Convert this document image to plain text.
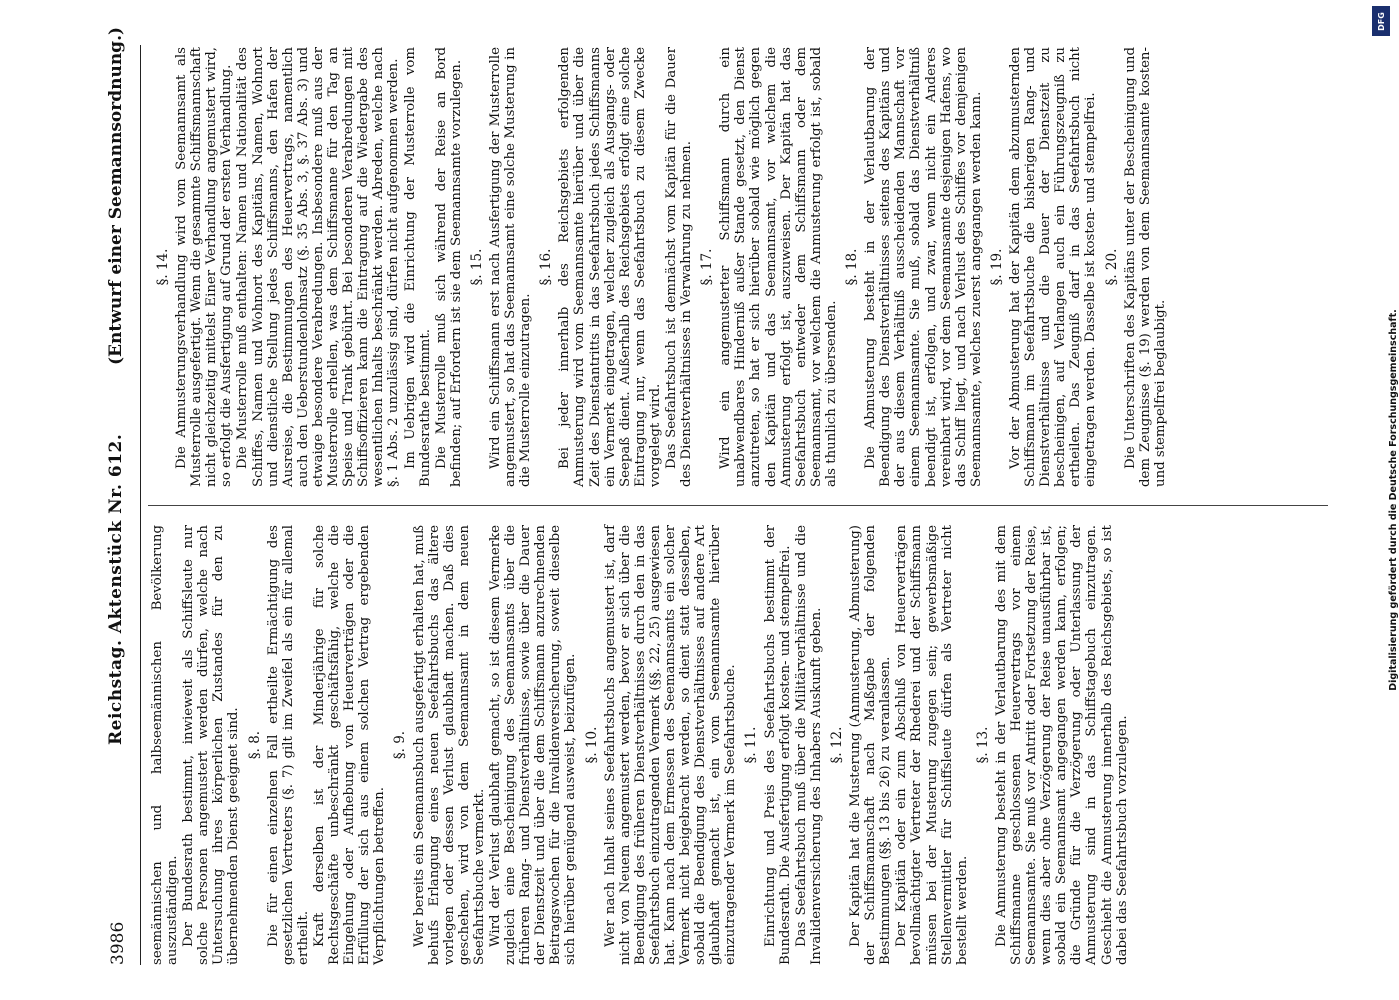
3986
Reichstag. Aktenstück Nr. 612.
(Entwurf einer Seemannsordnung.)

seemännischen und halbseemännischen Bevölkerung auszuständigen. Der Bundesrath bestimmt, inwieweit als Schiffsleute nur solche Personen angemustert werden dürfen, welche nach Untersuchung ihres körperlichen Zustandes für den zu übernehmenden Dienst geeignet sind. §. 8. Die für einen einzelnen Fall ertheilte Ermächtigung des gesetzlichen Vertreters (§. 7) gilt im Zweifel als ein für allemal ertheilt. Kraft derselben ist der Minderjährige für solche Rechtsgeschäfte unbeschränkt geschäftsfähig, welche die Eingehung oder Aufhebung von Heuerverträgen oder die Erfüllung der sich aus einem solchen Vertrag ergebenden Verpflichtungen betreffen.

§. 9. Wer bereits ein Seemannsbuch ausgefertigt erhalten hat, muß behufs Erlangung eines neuen Seefahrtsbuchs das ältere vorlegen oder dessen Verlust glaubhaft machen. Daß dies geschehen, wird von dem Seemannsamt in dem neuen Seefahrtsbuche vermerkt. Wird der Verlust glaubhaft gemacht, so ist diesem Vermerke zugleich eine Bescheinigung des Seemannsamts über die früheren Rang- und Dienstverhältnisse, sowie über die Dauer der Dienstzeit und über die dem Schiffsmann anzurechnenden Beitragswochen für die Invalidenversicherung, soweit dieselbe sich hierüber genügend ausweist, beizufügen. §. 10. Wer nach Inhalt seines Seefahrtsbuchs angemustert ist, darf nicht von Neuem angemustert werden, bevor er sich über die Beendigung des früheren Dienstverhältnisses durch den in das Seefahrtsbuch einzutragenden Vermerk (§§. 22, 25) ausgewiesen hat. Kann nach dem Ermessen des Seemannsamts ein solcher Vermerk nicht beigebracht werden, so dient statt desselben, sobald die Beendigung des Dienstverhältnisses auf andere Art glaubhaft gemacht ist, ein vom Seemannsamte hierüber einzutragender Vermerk im Seefahrtsbuche. §. 11. Einrichtung und Preis des Seefahrtsbuchs bestimmt der Bundesrath. Die Ausfertigung erfolgt kosten- und stempelfrei. Das Seefahrtsbuch muß über die Militärverhältnisse und die Invalidenversicherung des Inhabers Auskunft geben. §. 12. Der Kapitän hat die Musterung (Anmusterung, Abmusterung) der Schiffsmannschaft nach Maßgabe der folgenden Bestimmungen (§§. 13 bis 26) zu veranlassen. Der Kapitän oder ein zum Abschluß von Heuerverträgen bevollmächtigter Vertreter der Rhederei und der Schiffsmann müssen bei der Musterung zugegen sein; gewerbsmäßige Stellenvermittler für Schiffsleute dürfen als Vertreter nicht bestellt werden.

§. 13. Die Anmusterung besteht in der Verlautbarung des mit dem Schiffsmanne geschlossenen Heuervertrags vor einem Seemannsamte. Sie muß vor Antritt oder Fortsetzung der Reise, wenn dies aber ohne Verzögerung der Reise unausführbar ist, sobald ein Seemannsamt angegangen werden kann, erfolgen; die Gründe für die Verzögerung oder Unterlassung der Anmusterung sind in das Schiffstagebuch einzutragen. Geschieht die Anmusterung innerhalb des Reichsgebiets, so ist dabei das Seefahrtsbuch vorzulegen.

§. 14. Die Anmusterungsverhandlung wird vom Seemannsamt als Musterrolle ausgefertigt. Wenn die gesammte Schiffsmannschaft nicht gleichzeitig mittelst Einer Verhandlung angemustert wird, so erfolgt die Ausfertigung auf Grund der ersten Verhandlung. Die Musterrolle muß enthalten: Namen und Nationalität des Schiffes, Namen und Wohnort des Kapitäns, Namen, Wohnort und dienstliche Stellung jedes Schiffsmanns, den Hafen der Ausreise, die Bestimmungen des Heuervertrags, namentlich auch den Ueberstundenlohnsatz (§. 35 Abs. 3, §. 37 Abs. 3) und etwaige besondere Verabredungen. Insbesondere muß aus der Musterrolle erhellen, was dem Schiffsmanne für den Tag an Speise und Trank gebührt. Bei besonderen Verabredungen mit Schiffsoffizieren kann die Eintragung auf die Wiedergabe des wesentlichen Inhalts beschränkt werden. Abreden, welche nach §. 1 Abs. 2 unzulässig sind, dürfen nicht aufgenommen werden. Im Uebrigen wird die Einrichtung der Musterrolle vom Bundesrathe bestimmt. Die Musterrolle muß sich während der Reise an Bord befinden; auf Erfordern ist sie dem Seemannsamte vorzulegen. §. 15. Wird ein Schiffsmann erst nach Ausfertigung der Musterrolle angemustert, so hat das Seemannsamt eine solche Musterung in die Musterrolle einzutragen.

§. 16. Bei jeder innerhalb des Reichsgebiets erfolgenden Anmusterung wird vom Seemannsamte hierüber und über die Zeit des Dienstantritts in das Seefahrtsbuch jedes Schiffsmanns ein Vermerk eingetragen, welcher zugleich als Ausgangs- oder Seepaß dient. Außerhalb des Reichsgebiets erfolgt eine solche Eintragung nur, wenn das Seefahrtsbuch zu diesem Zwecke vorgelegt wird. Das Seefahrtsbuch ist demnächst vom Kapitän für die Dauer des Dienstverhältnisses in Verwahrung zu nehmen. §. 17. Wird ein angemusterter Schiffsmann durch ein unabwendbares Hinderniß außer Stande gesetzt, den Dienst anzutreten, so hat er sich hierüber sobald wie möglich gegen den Kapitän und das Seemannsamt, vor welchem die Anmusterung erfolgt ist, auszuweisen. Der Kapitän hat das Seefahrtsbuch entweder dem Schiffsmann oder dem Seemannsamt, vor welchem die Anmusterung erfolgt ist, sobald als thunlich zu übersenden.

§. 18. Die Abmusterung besteht in der Verlautbarung der Beendigung des Dienstverhältnisses seitens des Kapitäns und der aus diesem Verhältniß ausscheidenden Mannschaft vor einem Seemannsamte. Sie muß, sobald das Dienstverhältniß beendigt ist, erfolgen, und zwar, wenn nicht ein Anderes vereinbart wird, vor dem Seemannsamte desjenigen Hafens, wo das Schiff liegt, und nach Verlust des Schiffes vor demjenigen Seemannsamte, welches zuerst angegangen werden kann. §. 19. Vor der Abmusterung hat der Kapitän dem abzumusternden Schiffsmann im Seefahrtsbuche die bisherigen Rang- und Dienstverhältnisse und die Dauer der Dienstzeit zu bescheinigen, auf Verlangen auch ein Führungszeugniß zu ertheilen. Das Zeugniß darf in das Seefahrtsbuch nicht eingetragen werden. Dasselbe ist kosten- und stempelfrei. §. 20. Die Unterschriften des Kapitäns unter der Bescheinigung und dem Zeugnisse (§. 19) werden von dem Seemannsamte kosten- und stempelfrei beglaubigt.	Digitalisierung gefördert durch die Deutsche Forschungsgemeinschaft.
DFG
